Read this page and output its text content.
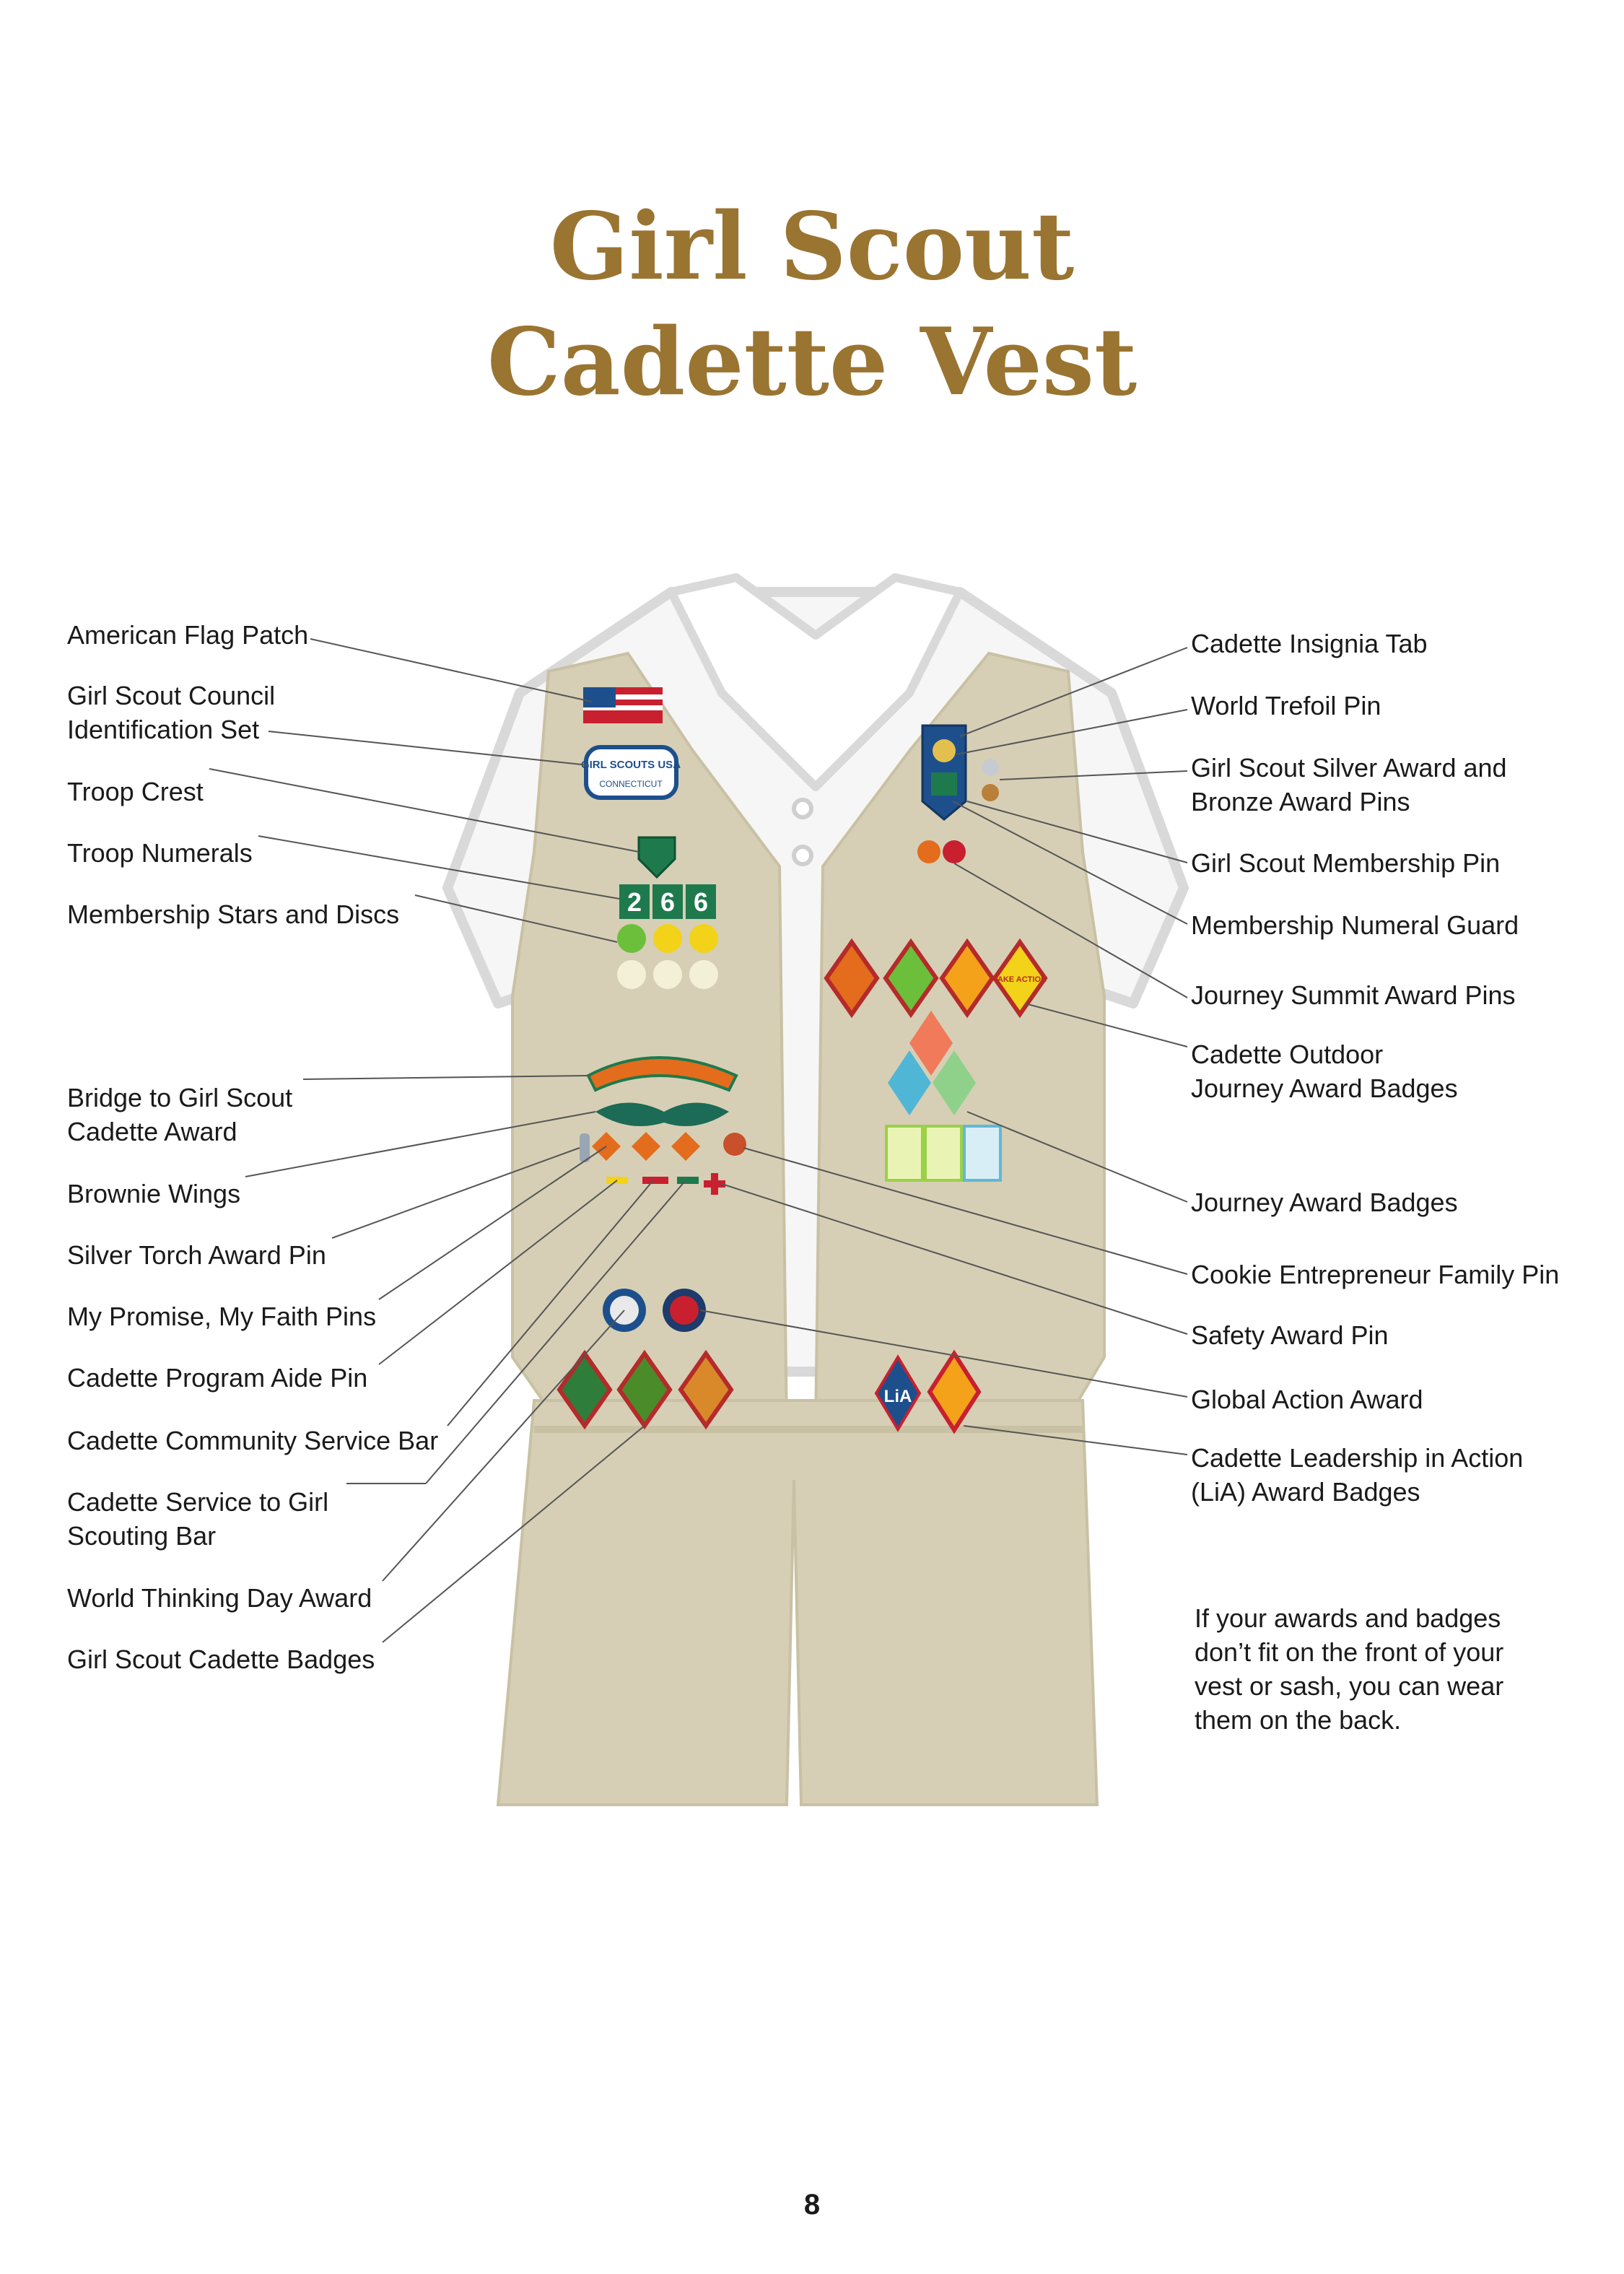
Girl Scout
Cadette Vest
GIRL SCOUTS USA
CONNECTICUT
2 6 6
TAKE ACTION
LiA

American Flag Patch

Girl Scout Council
Identification Set

Troop Crest

Troop Numerals

Membership Stars and Discs

Bridge to Girl Scout
Cadette Award

Brownie Wings

Silver Torch Award Pin

My Promise, My Faith Pins

Cadette Program Aide Pin

Cadette Community Service Bar

Cadette Service to Girl
Scouting Bar

World Thinking Day Award

Girl Scout Cadette Badges

Cadette Insignia Tab

World Trefoil Pin

Girl Scout Silver Award and
Bronze Award Pins

Girl Scout Membership Pin

Membership Numeral Guard

Journey Summit Award Pins

Cadette Outdoor
Journey Award Badges

Journey Award Badges

Cookie Entrepreneur Family Pin

Safety Award Pin

Global Action Award

Cadette Leadership in Action
(LiA) Award Badges

If your awards and badges
don’t fit on the front of your
vest or sash, you can wear
them on the back.
8
